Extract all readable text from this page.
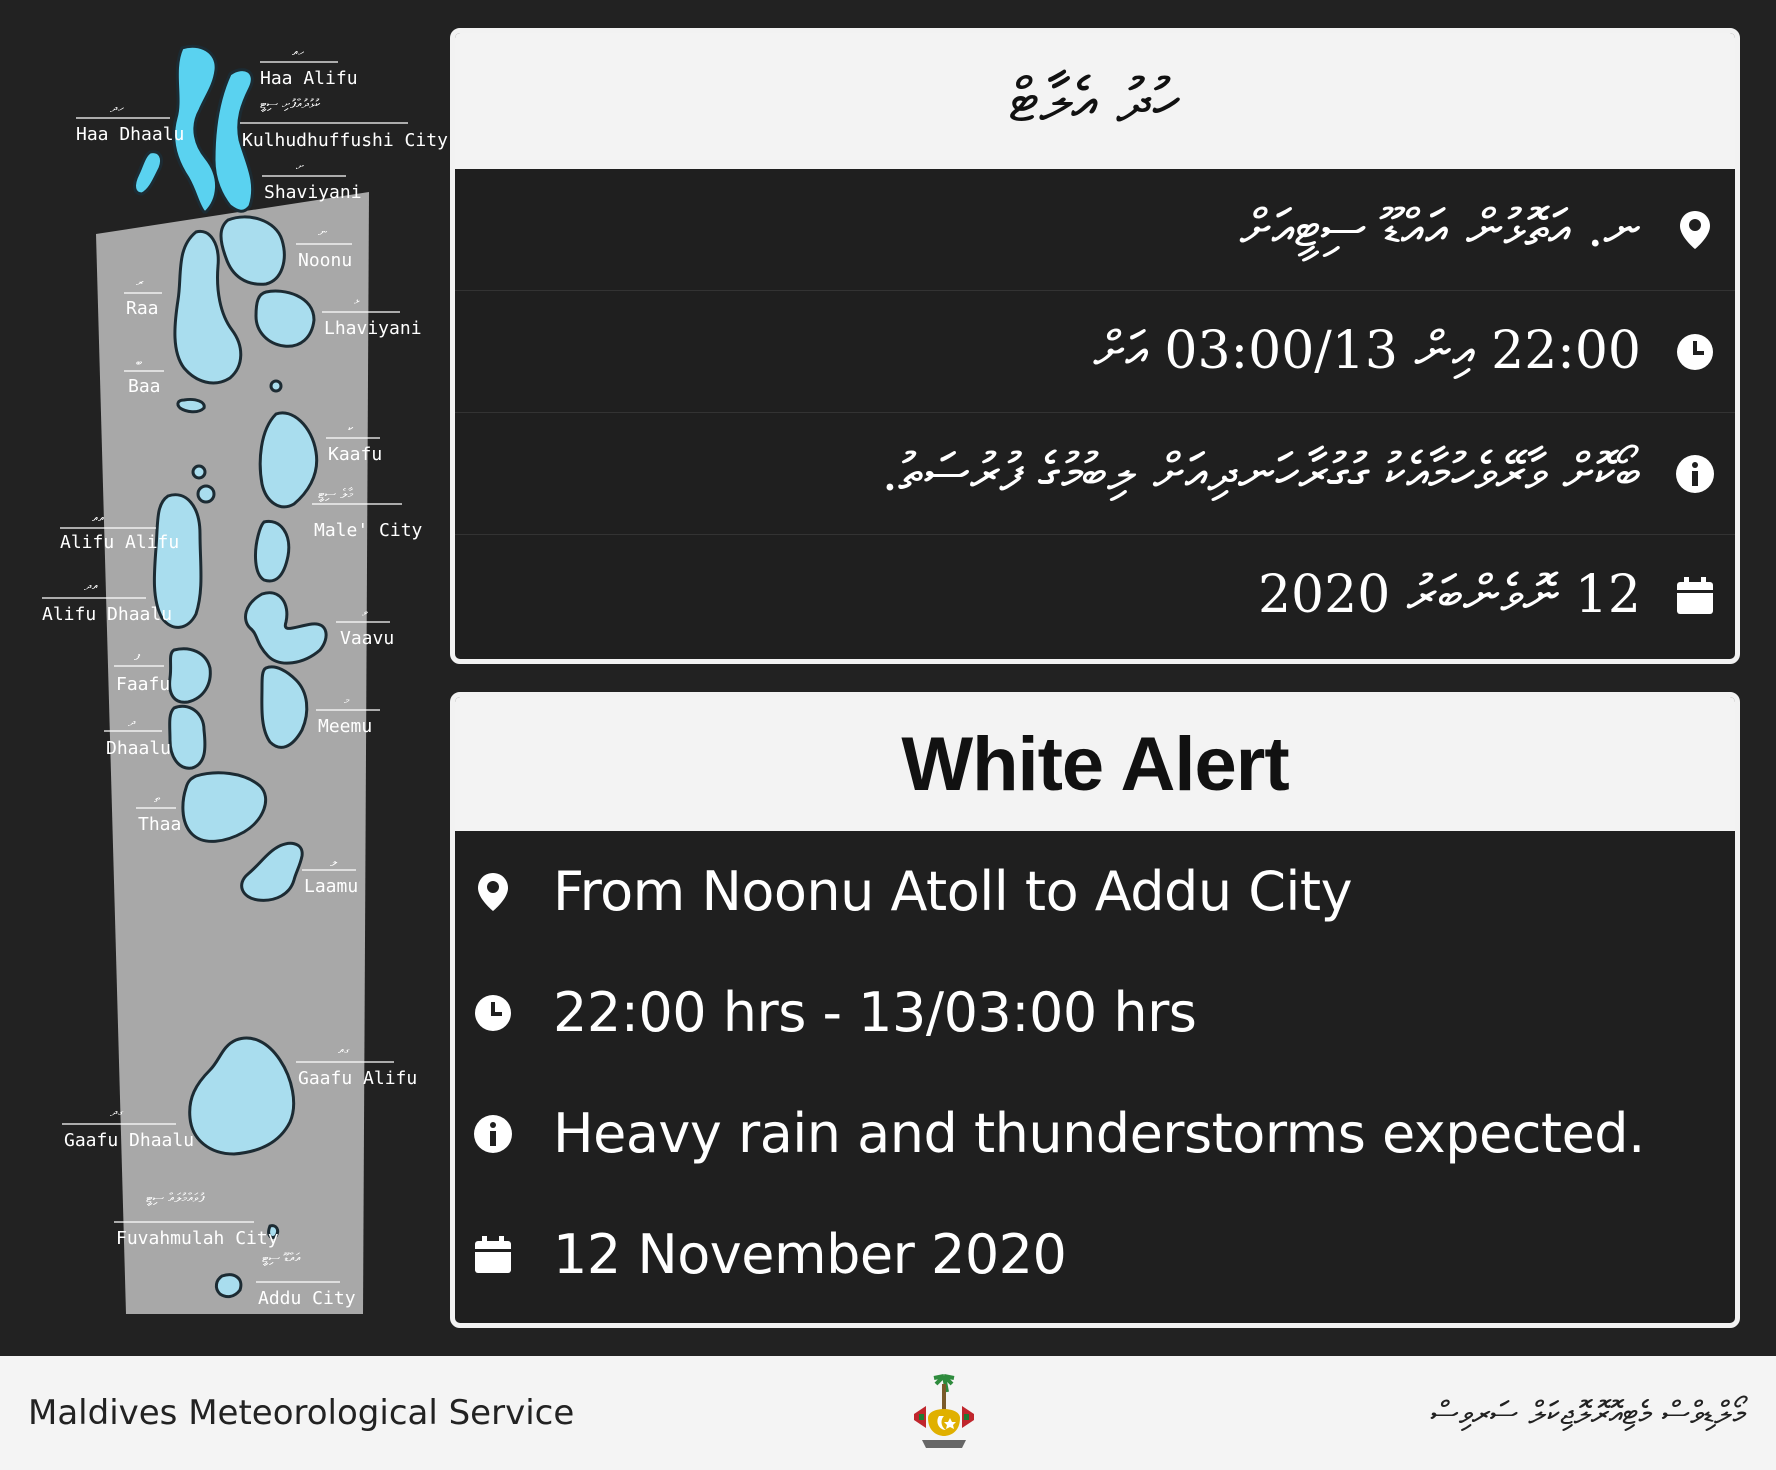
ހއ
Haa Alifu
ހދ
Haa Dhaalu
ކުޅުދުއްފުށި ސިޓީ
Kulhudhuffushi City
ށ
Shaviyani
ނ
Noonu
ރ
Raa	ޅ
Lhaviyani
ބ
Baa
ކ
Kaafu
މާލެ ސިޓީ
Male' City
އއ
Alifu Alifu
އދ
Alifu Dhaalu	ވ
Vaavu
ފ
Faafu
މ
Meemu
ދ
Dhaalu
ތ
Thaa
ލ
Laamu
ގއ
Gaafu Alifu
ގދ
Gaafu Dhaalu
ފުވައްމުލައް ސިޓީ
Fuvahmulah City
އައްޑޫ ސިޓީ
Addu City
ހުދު އެލާޓް
ނ. އަތޮޅުން އައްޑޫ ސިޓީއަށް
22:00 އިން 03:00/13 އަށް
ބޯކޮށް ވާރޭވެހުމާއެކު ގުގުރާހަނދިއަށް ލިބުމުގެ ފުރުސަތު.
12 ނޮވެންބަރު 2020
White Alert
From Noonu Atoll to Addu City
22:00 hrs - 13/03:00 hrs
Heavy rain and thunderstorms expected.
12 November 2020
Maldives Meteorological Service	މޯލްޑިވްސް މެޓިއޮރޮލޮޖިކަލް ސަރވިސް
